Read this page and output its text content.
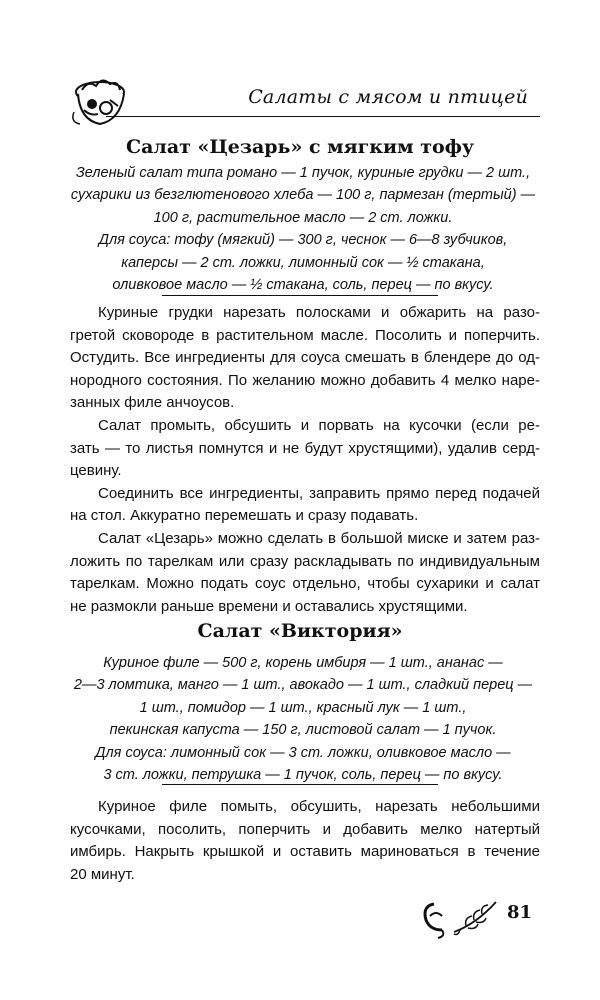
Салаты с мясом и птицей
Салат «Цезарь» с мягким тофу
Зеленый салат типа романо — 1 пучок, куриные грудки — 2 шт.,
сухарики из безглютенового хлеба — 100 г, пармезан (тертый) —
100 г, растительное масло — 2 ст. ложки.
Для соуса: тофу (мягкий) — 300 г, чеснок — 6—8 зубчиков,
каперсы — 2 ст. ложки, лимонный сок — ½ стакана,
оливковое масло — ½ стакана, соль, перец — по вкусу.
Куриные грудки нарезать полосками и обжарить на разо-
гретой сковороде в растительном масле. Посолить и поперчить.
Остудить. Все ингредиенты для соуса смешать в блендере до од-
нородного состояния. По желанию можно добавить 4 мелко наре-
занных филе анчоусов.
Салат промыть, обсушить и порвать на кусочки (если ре-
зать — то листья помнутся и не будут хрустящими), удалив серд-
цевину.
Соединить все ингредиенты, заправить прямо перед подачей
на стол. Аккуратно перемешать и сразу подавать.
Салат «Цезарь» можно сделать в большой миске и затем раз-
ложить по тарелкам или сразу раскладывать по индивидуальным
тарелкам. Можно подать соус отдельно, чтобы сухарики и салат
не размокли раньше времени и оставались хрустящими.
Салат «Виктория»
Куриное филе — 500 г, корень имбиря — 1 шт., ананас —
2—3 ломтика, манго — 1 шт., авокадо — 1 шт., сладкий перец —
1 шт., помидор — 1 шт., красный лук — 1 шт.,
пекинская капуста — 150 г, листовой салат — 1 пучок.
Для соуса: лимонный сок — 3 ст. ложки, оливковое масло —
3 ст. ложки, петрушка — 1 пучок, соль, перец — по вкусу.
Куриное филе помыть, обсушить, нарезать небольшими
кусочками, посолить, поперчить и добавить мелко натертый
имбирь. Накрыть крышкой и оставить мариноваться в течение
20 минут.
81
